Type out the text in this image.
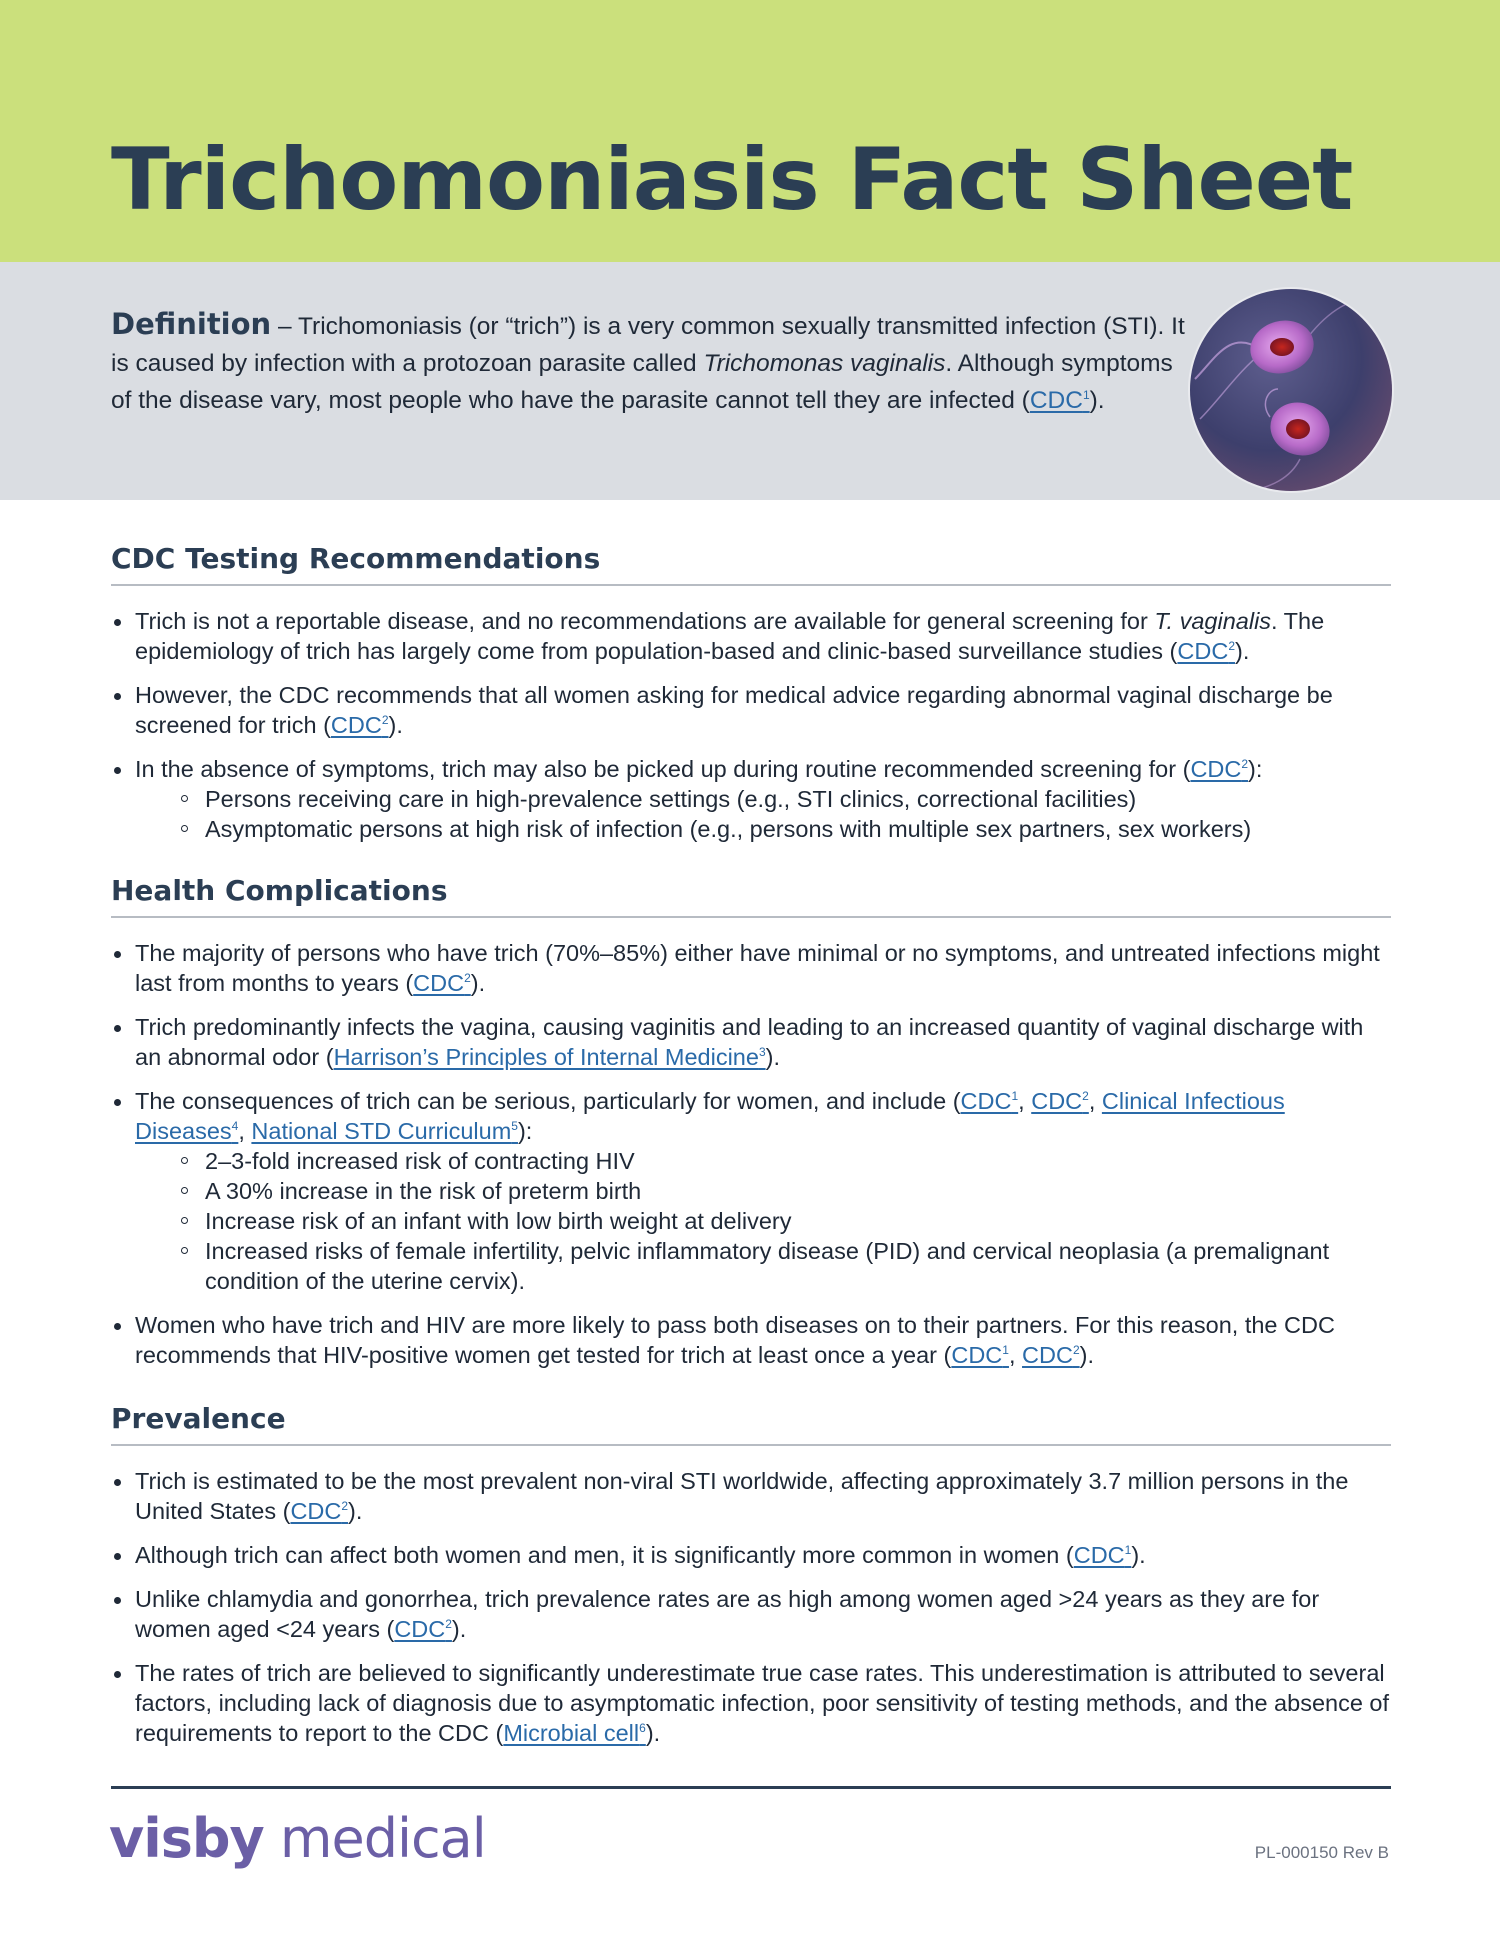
Trichomoniasis Fact Sheet

Definition – Trichomoniasis (or “trich”) is a very common sexually transmitted infection (STI). It is caused by infection with a protozoan parasite called Trichomonas vaginalis. Although symptoms of the disease vary, most people who have the parasite cannot tell they are infected (CDC$^1$).

CDC Testing Recommendations
Trich is not a reportable disease, and no recommendations are available for general screening for T. vaginalis. The epidemiology of trich has largely come from population-based and clinic-based surveillance studies (CDC$^2$).
However, the CDC recommends that all women asking for medical advice regarding abnormal vaginal discharge be screened for trich (CDC$^2$).
In the absence of symptoms, trich may also be picked up during routine recommended screening for (CDC$^2$):
Persons receiving care in high-prevalence settings (e.g., STI clinics, correctional facilities)
Asymptomatic persons at high risk of infection (e.g., persons with multiple sex partners, sex workers)
Health Complications
The majority of persons who have trich (70%–85%) either have minimal or no symptoms, and untreated infections might last from months to years (CDC$^2$).
Trich predominantly infects the vagina, causing vaginitis and leading to an increased quantity of vaginal discharge with an abnormal odor (Harrison’s Principles of Internal Medicine$^3$).
The consequences of trich can be serious, particularly for women, and include (CDC$^1$, CDC$^2$, Clinical Infectious Diseases$^4$, National STD Curriculum$^5$):
2–3-fold increased risk of contracting HIV
A 30% increase in the risk of preterm birth
Increase risk of an infant with low birth weight at delivery
Increased risks of female infertility, pelvic inflammatory disease (PID) and cervical neoplasia (a premalignant condition of the uterine cervix).
Women who have trich and HIV are more likely to pass both diseases on to their partners. For this reason, the CDC recommends that HIV-positive women get tested for trich at least once a year (CDC$^1$, CDC$^2$).
Prevalence
Trich is estimated to be the most prevalent non-viral STI worldwide, affecting approximately 3.7 million persons in the United States (CDC$^2$).
Although trich can affect both women and men, it is significantly more common in women (CDC$^1$).
Unlike chlamydia and gonorrhea, trich prevalence rates are as high among women aged >24 years as they are for women aged <24 years (CDC$^2$).
The rates of trich are believed to significantly underestimate true case rates. This underestimation is attributed to several factors, including lack of diagnosis due to asymptomatic infection, poor sensitivity of testing methods, and the absence of requirements to report to the CDC (Microbial cell$^6$).
visby medical	PL-000150 Rev B
